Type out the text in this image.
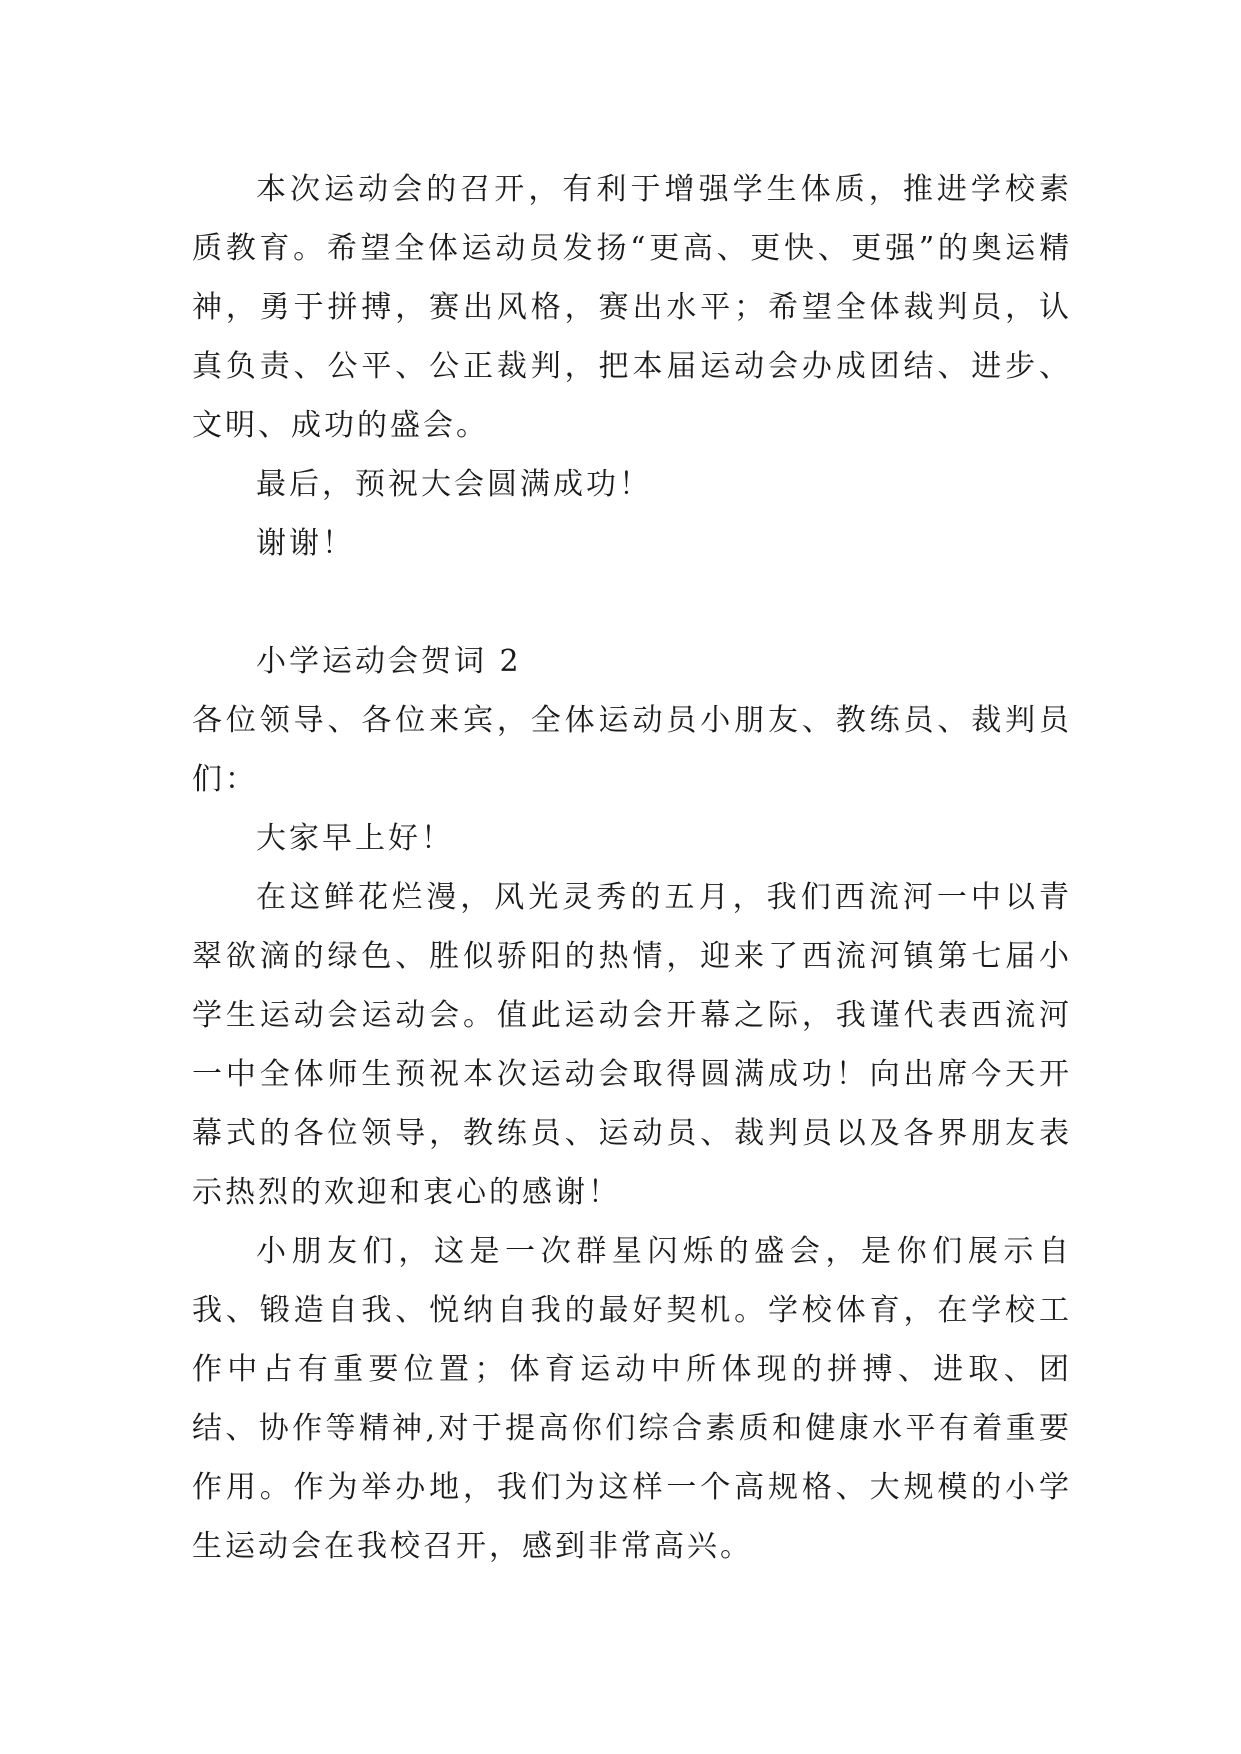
本次运动会的召开，有利于增强学生体质，推进学校素质教育。希望全体运动员发扬“更高、更快、更强”的奥运精神，勇于拼搏，赛出风格，赛出水平；希望全体裁判员，认真负责、公平、公正裁判，把本届运动会办成团结、进步、文明、成功的盛会。

最后，预祝大会圆满成功！

谢谢！

小学运动会贺词 2

各位领导、各位来宾，全体运动员小朋友、教练员、裁判员们：

大家早上好！

在这鲜花烂漫，风光灵秀的五月，我们西流河一中以青翠欲滴的绿色、胜似骄阳的热情，迎来了西流河镇第七届小学生运动会运动会。值此运动会开幕之际，我谨代表西流河一中全体师生预祝本次运动会取得圆满成功！向出席今天开幕式的各位领导，教练员、运动员、裁判员以及各界朋友表示热烈的欢迎和衷心的感谢！

小朋友们，这是一次群星闪烁的盛会，是你们展示自我、锻造自我、悦纳自我的最好契机。学校体育，在学校工作中占有重要位置；体育运动中所体现的拼搏、进取、团结、协作等精神,对于提高你们综合素质和健康水平有着重要作用。作为举办地，我们为这样一个高规格、大规模的小学生运动会在我校召开，感到非常高兴。
